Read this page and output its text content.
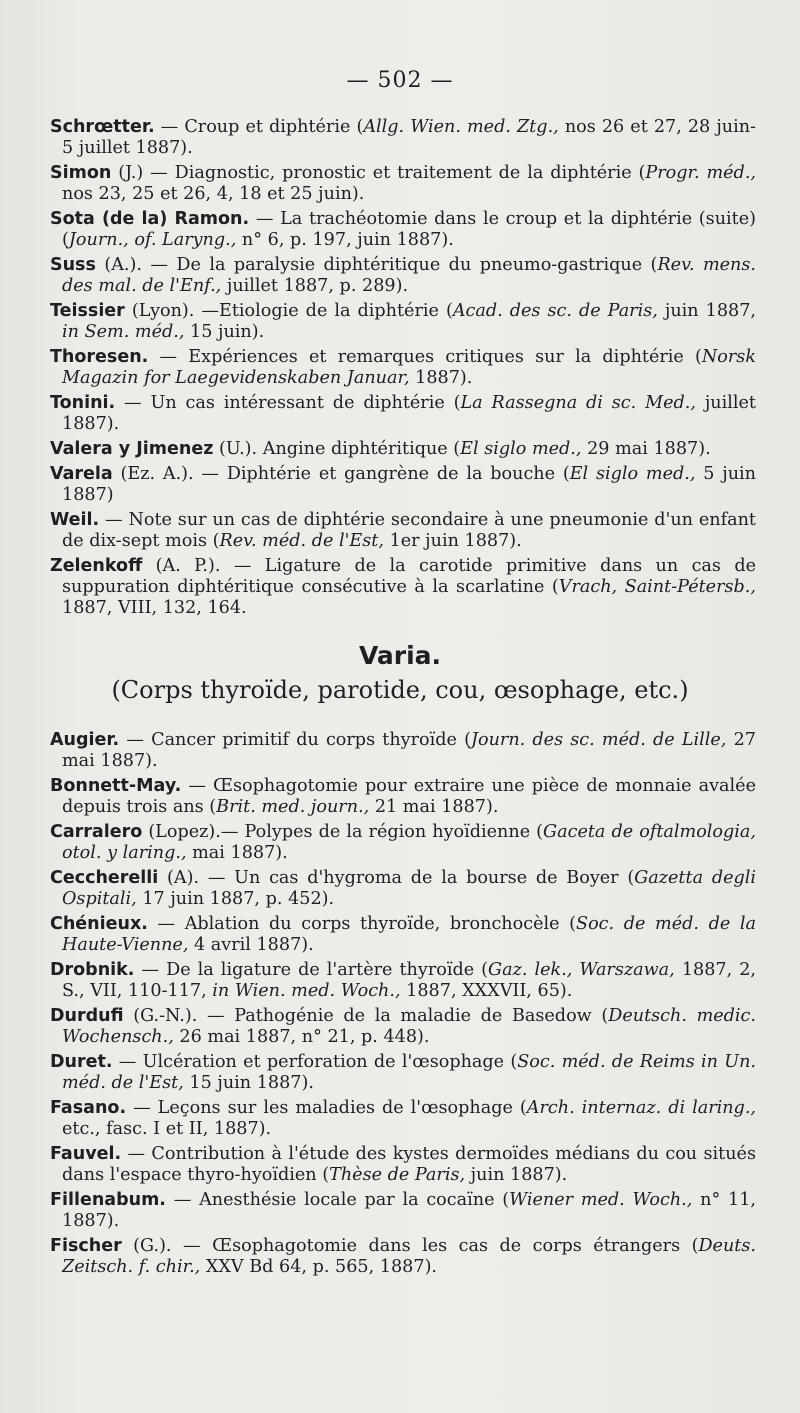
— 502 —

Schrœtter. — Croup et diphtérie (Allg. Wien. med. Ztg., nos 26 et 27, 28 juin-5 juillet 1887).

Simon (J.) — Diagnostic, pronostic et traitement de la diphtérie (Progr. méd., nos 23, 25 et 26, 4, 18 et 25 juin).

Sota (de la) Ramon. — La trachéotomie dans le croup et la diphtérie (suite) (Journ., of. Laryng., n° 6, p. 197, juin 1887).

Suss (A.). — De la paralysie diphtéritique du pneumo-gastrique (Rev. mens. des mal. de l'Enf., juillet 1887, p. 289).

Teissier (Lyon). —Etiologie de la diphtérie (Acad. des sc. de Paris, juin 1887, in Sem. méd., 15 juin).

Thoresen. — Expériences et remarques critiques sur la diphtérie (Norsk Magazin for Laegevidenskaben Januar, 1887).

Tonini. — Un cas intéressant de diphtérie (La Rassegna di sc. Med., juillet 1887).

Valera y Jimenez (U.). Angine diphtéritique (El siglo med., 29 mai 1887).

Varela (Ez. A.). — Diphtérie et gangrène de la bouche (El siglo med., 5 juin 1887)

Weil. — Note sur un cas de diphtérie secondaire à une pneumonie d'un enfant de dix-sept mois (Rev. méd. de l'Est, 1er juin 1887).

Zelenkoff (A. P.). — Ligature de la carotide primitive dans un cas de suppuration diphtéritique consécutive à la scarlatine (Vrach, Saint-Pétersb., 1887, VIII, 132, 164.

Varia.
(Corps thyroïde, parotide, cou, œsophage, etc.)

Augier. — Cancer primitif du corps thyroïde (Journ. des sc. méd. de Lille, 27 mai 1887).

Bonnett-May. — Œsophagotomie pour extraire une pièce de monnaie avalée depuis trois ans (Brit. med. journ., 21 mai 1887).

Carralero (Lopez).— Polypes de la région hyoïdienne (Gaceta de oftalmologia, otol. y laring., mai 1887).

Ceccherelli (A). — Un cas d'hygroma de la bourse de Boyer (Gazetta degli Ospitali, 17 juin 1887, p. 452).

Chénieux. — Ablation du corps thyroïde, bronchocèle (Soc. de méd. de la Haute-Vienne, 4 avril 1887).

Drobnik. — De la ligature de l'artère thyroïde (Gaz. lek., Warszawa, 1887, 2, S., VII, 110-117, in Wien. med. Woch., 1887, XXXVII, 65).

Durdufi (G.-N.). — Pathogénie de la maladie de Basedow (Deutsch. medic. Wochensch., 26 mai 1887, n° 21, p. 448).

Duret. — Ulcération et perforation de l'œsophage (Soc. méd. de Reims in Un. méd. de l'Est, 15 juin 1887).

Fasano. — Leçons sur les maladies de l'œsophage (Arch. internaz. di laring., etc., fasc. I et II, 1887).

Fauvel. — Contribution à l'étude des kystes dermoïdes médians du cou situés dans l'espace thyro-hyoïdien (Thèse de Paris, juin 1887).

Fillenabum. — Anesthésie locale par la cocaïne (Wiener med. Woch., n° 11, 1887).

Fischer (G.). — Œsophagotomie dans les cas de corps étrangers (Deuts. Zeitsch. f. chir., XXV Bd 64, p. 565, 1887).
